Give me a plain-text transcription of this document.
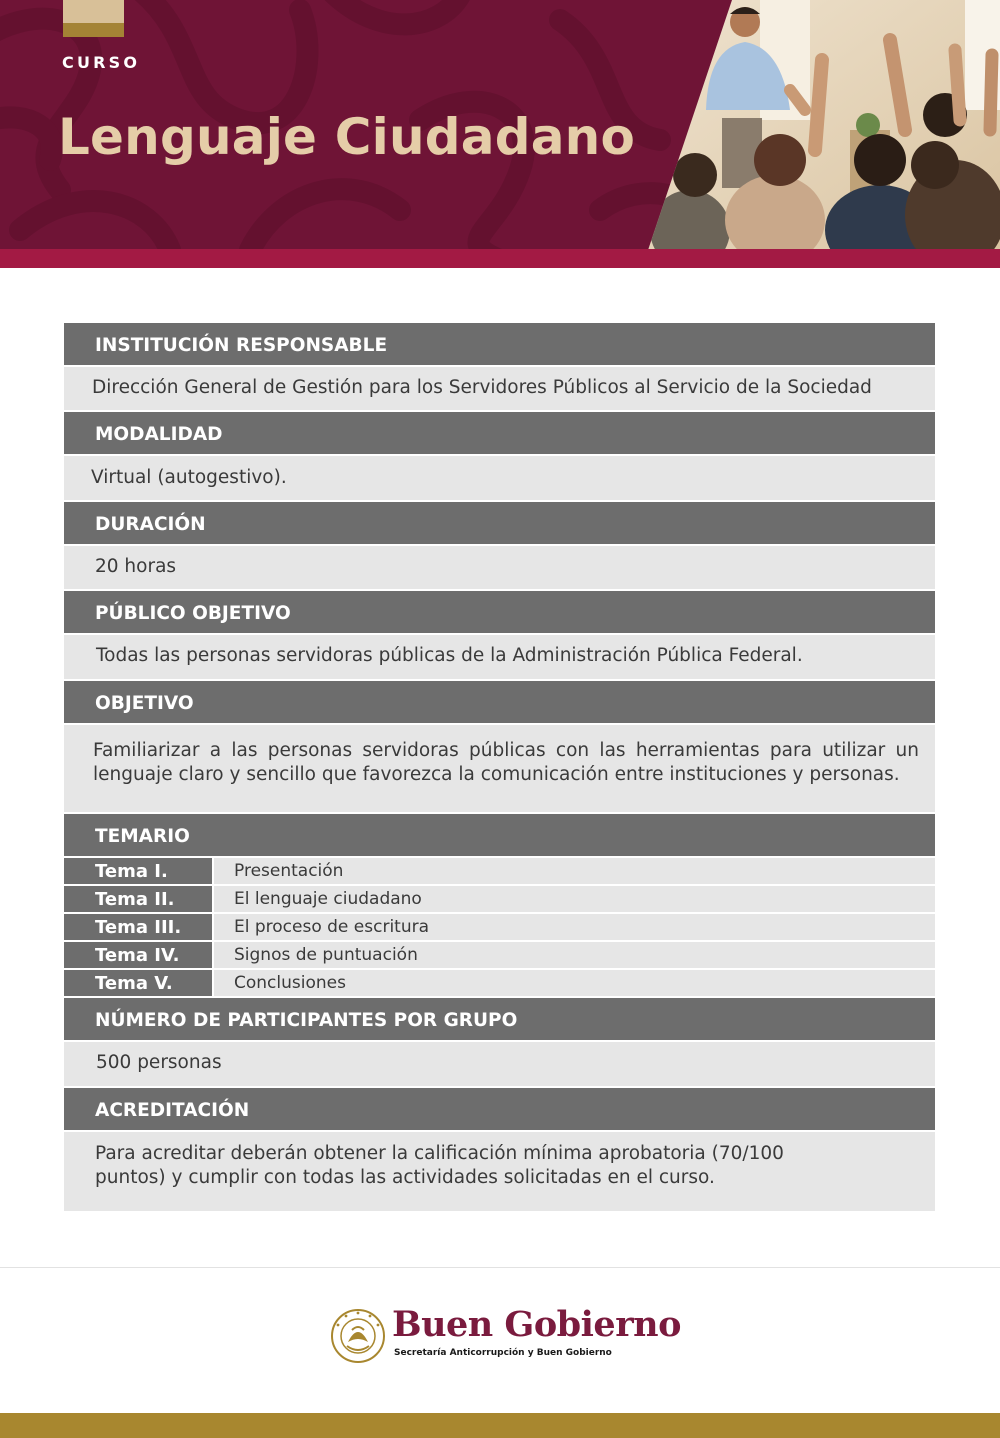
CURSO
Lenguaje Ciudadano
INSTITUCIÓN RESPONSABLE
Dirección General de Gestión para los Servidores Públicos al Servicio de la Sociedad
MODALIDAD
Virtual (autogestivo).
DURACIÓN
20 horas
PÚBLICO OBJETIVO
Todas las personas servidoras públicas de la Administración Pública Federal.
OBJETIVO
Familiarizar a las personas servidoras públicas con las herramientas para utilizar un lenguaje claro y sencillo que favorezca la comunicación entre instituciones y personas.
TEMARIO
Tema I.	Presentación
Tema II.	El lenguaje ciudadano
Tema III.	El proceso de escritura
Tema IV.	Signos de puntuación
Tema V.	Conclusiones
NÚMERO DE PARTICIPANTES POR GRUPO
500 personas
ACREDITACIÓN
Para acreditar deberán obtener la calificación mínima aprobatoria (70/100 puntos) y cumplir con todas las actividades solicitadas en el curso.
Buen Gobierno
Secretaría Anticorrupción y Buen Gobierno
